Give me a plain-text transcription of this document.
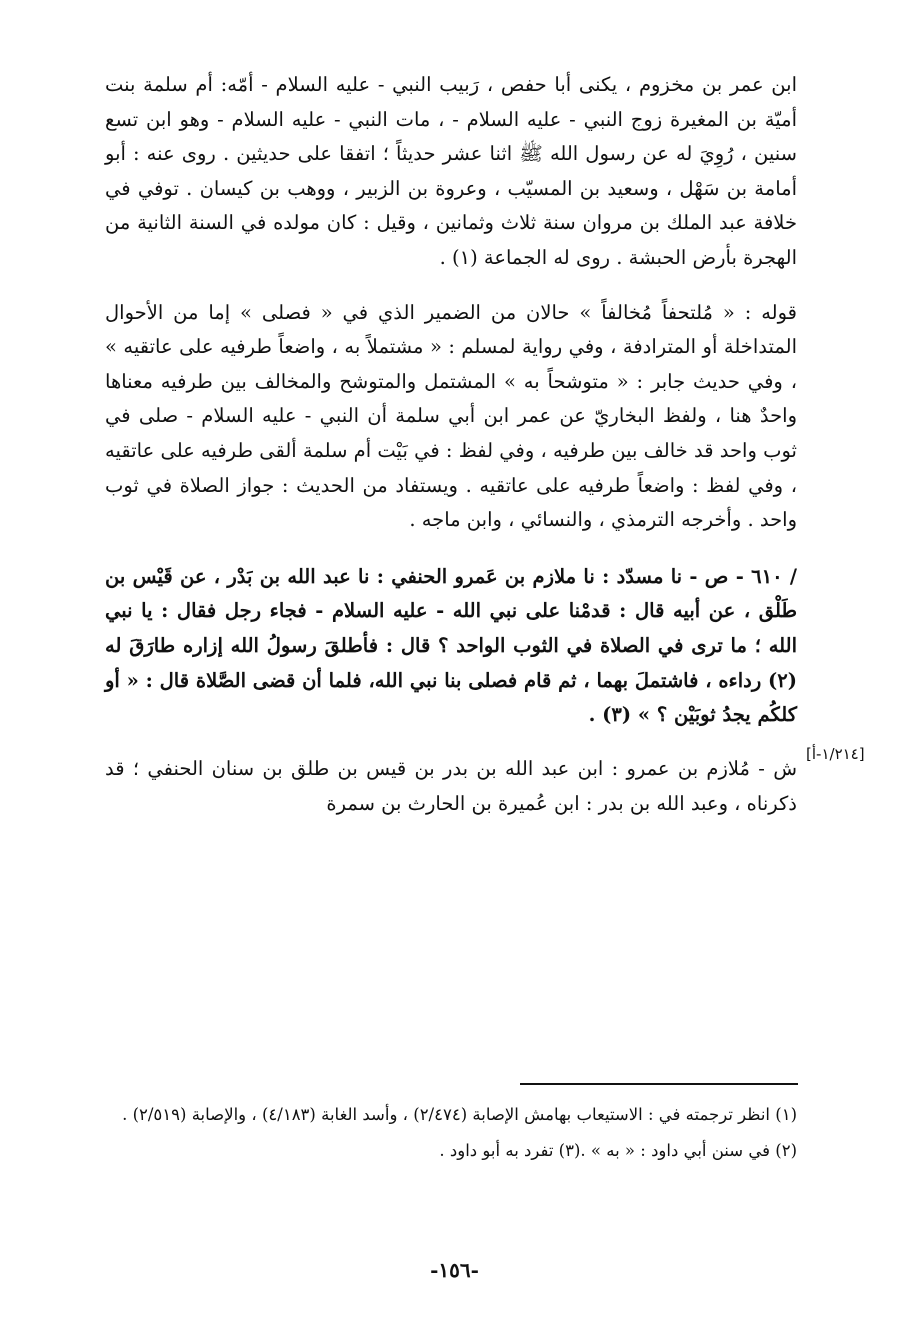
ابن عمر بن مخزوم ، يكنى أبا حفص ، رَبيب النبي - عليه السلام - أمّه: أم سلمة بنت أميّة بن المغيرة زوج النبي - عليه السلام - ، مات النبي - عليه السلام - وهو ابن تسع سنين ، رُوِيَ له عن رسول الله ﷺ اثنا عشر حديثاً ؛ اتفقا على حديثين . روى عنه : أبو أمامة بن سَهْل ، وسعيد بن المسيّب ، وعروة بن الزبير ، ووهب بن كيسان . توفي في خلافة عبد الملك بن مروان سنة ثلاث وثمانين ، وقيل : كان مولده في السنة الثانية من الهجرة بأرض الحبشة . روى له الجماعة (١) .

قوله : « مُلتحفاً مُخالفاً » حالان من الضمير الذي في « فصلى » إما من الأحوال المتداخلة أو المترادفة ، وفي رواية لمسلم : « مشتملاً به ، واضعاً طرفيه على عاتقيه » ، وفي حديث جابر : « متوشحاً به » المشتمل والمتوشح والمخالف بين طرفيه معناها واحدٌ هنا ، ولفظ البخاريّ عن عمر ابن أبي سلمة أن النبي - عليه السلام - صلى في ثوب واحد قد خالف بين طرفيه ، وفي لفظ : في بَيْت أم سلمة ألقى طرفيه على عاتقيه ، وفي لفظ : واضعاً طرفيه على عاتقيه . ويستفاد من الحديث : جواز الصلاة في ثوب واحد . وأخرجه الترمذي ، والنسائي ، وابن ماجه .

/ ٦١٠ - ص - نا مسدّد : نا ملازم بن عَمرو الحنفي : نا عبد الله بن بَدْر ، عن قَيْس بن طَلْق ، عن أبيه قال : قدمْنا على نبي الله - عليه السلام - فجاء رجل فقال : يا نبي الله ؛ ما ترى في الصلاة في الثوب الواحد ؟ قال : فأطلقَ رسولُ الله إزاره طارَقَ له (٢) رداءه ، فاشتملَ بهما ، ثم قام فصلى بنا نبي الله، فلما أن قضى الصَّلاة قال : « أو كلكُم يجدُ ثوبَيْن ؟ » (٣) .

ش - مُلازم بن عمرو : ابن عبد الله بن بدر بن قيس بن طلق بن سنان الحنفي ؛ قد ذكرناه ، وعبد الله بن بدر : ابن عُميرة بن الحارث بن سمرة

[١/٢١٤-أ]

(١) انظر ترجمته في : الاستيعاب بهامش الإصابة (٢/٤٧٤) ، وأسد الغابة (٤/١٨٣) ، والإصابة (٢/٥١٩) .

(٢) في سنن أبي داود : « به » .
(٣) تفرد به أبو داود .
-١٥٦-
